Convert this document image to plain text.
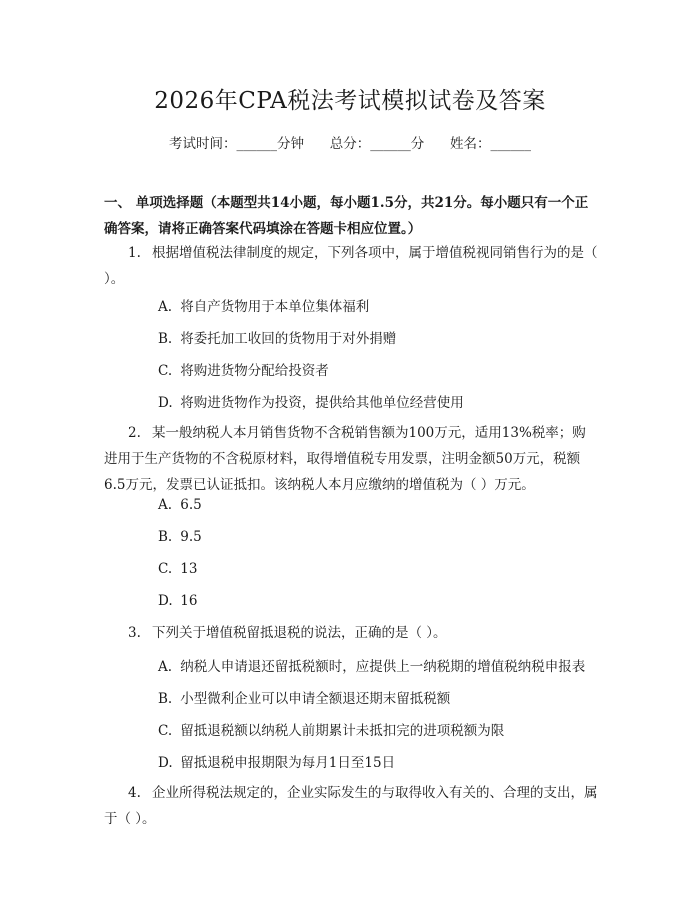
2026年CPA税法考试模拟试卷及答案
考试时间：______分钟      总分：______分      姓名：______
一、 单项选择题（本题型共14小题，每小题1.5分，共21分。每小题只有一个正确答案，请将正确答案代码填涂在答题卡相应位置。）
1. 根据增值税法律制度的规定，下列各项中，属于增值税视同销售行为的是（ ）。
A. 将自产货物用于本单位集体福利
B. 将委托加工收回的货物用于对外捐赠
C. 将购进货物分配给投资者
D. 将购进货物作为投资，提供给其他单位经营使用
2. 某一般纳税人本月销售货物不含税销售额为100万元，适用13%税率；购进用于生产货物的不含税原材料，取得增值税专用发票，注明金额50万元，税额6.5万元，发票已认证抵扣。该纳税人本月应缴纳的增值税为（ ）万元。
A. 6.5
B. 9.5
C. 13
D. 16
3. 下列关于增值税留抵退税的说法，正确的是（ ）。
A. 纳税人申请退还留抵税额时，应提供上一纳税期的增值税纳税申报表
B. 小型微利企业可以申请全额退还期末留抵税额
C. 留抵退税额以纳税人前期累计未抵扣完的进项税额为限
D. 留抵退税申报期限为每月1日至15日
4. 企业所得税法规定的，企业实际发生的与取得收入有关的、合理的支出，属于（ ）。
